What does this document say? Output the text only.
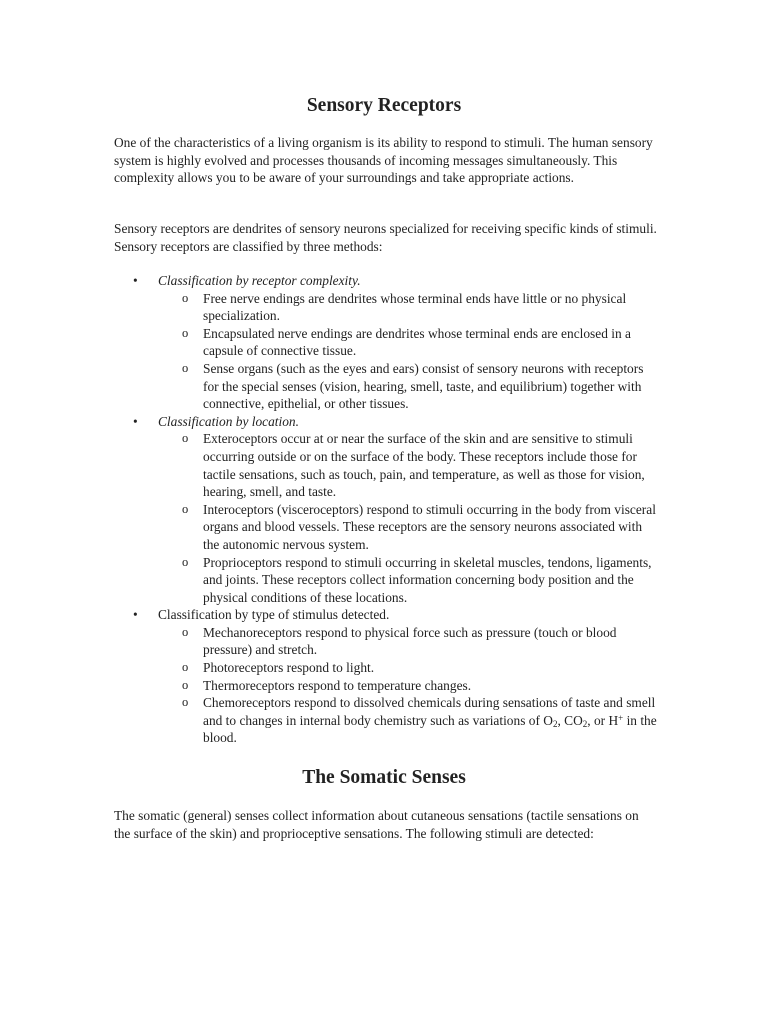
Sensory Receptors

One of the characteristics of a living organism is its ability to respond to stimuli. The human sensory system is highly evolved and processes thousands of incoming messages simultaneously. This complexity allows you to be aware of your surroundings and take appropriate actions.

Sensory receptors are dendrites of sensory neurons specialized for receiving specific kinds of stimuli. Sensory receptors are classified by three methods:

• Classification by receptor complexity.
o Free nerve endings are dendrites whose terminal ends have little or no physical specialization.
o Encapsulated nerve endings are dendrites whose terminal ends are enclosed in a capsule of connective tissue.
o Sense organs (such as the eyes and ears) consist of sensory neurons with receptors for the special senses (vision, hearing, smell, taste, and equilibrium) together with connective, epithelial, or other tissues.
• Classification by location.
o Exteroceptors occur at or near the surface of the skin and are sensitive to stimuli occurring outside or on the surface of the body. These receptors include those for tactile sensations, such as touch, pain, and temperature, as well as those for vision, hearing, smell, and taste.
o Interoceptors (visceroceptors) respond to stimuli occurring in the body from visceral organs and blood vessels. These receptors are the sensory neurons associated with the autonomic nervous system.
o Proprioceptors respond to stimuli occurring in skeletal muscles, tendons, ligaments, and joints. These receptors collect information concerning body position and the physical conditions of these locations.
• Classification by type of stimulus detected.
o Mechanoreceptors respond to physical force such as pressure (touch or blood pressure) and stretch.
o Photoreceptors respond to light.
o Thermoreceptors respond to temperature changes.
o Chemoreceptors respond to dissolved chemicals during sensations of taste and smell and to changes in internal body chemistry such as variations of $O_2$, $CO_2$, or H+ in the blood.
The Somatic Senses

The somatic (general) senses collect information about cutaneous sensations (tactile sensations on the surface of the skin) and proprioceptive sensations. The following stimuli are detected:
